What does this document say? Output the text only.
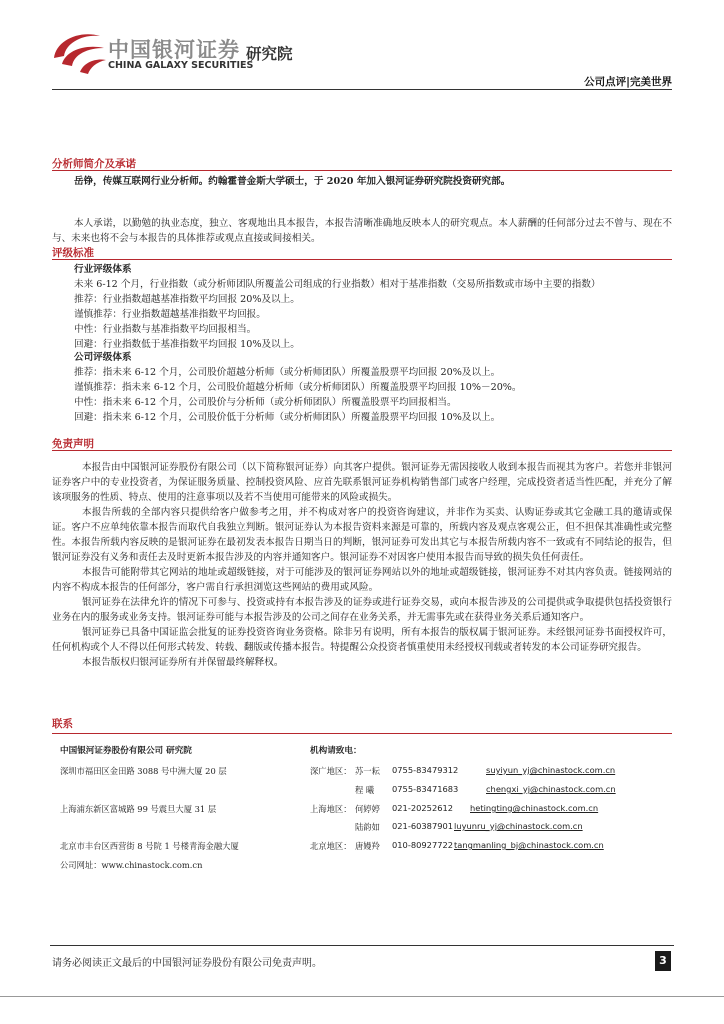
中国银河证券
CHINA GALAXY SECURITIES
研究院
公司点评|完美世界
分析师简介及承诺
岳铮，传媒互联网行业分析师。约翰霍普金斯大学硕士，于 2020 年加入银河证券研究院投资研究部。
本人承诺，以勤勉的执业态度，独立、客观地出具本报告，本报告清晰准确地反映本人的研究观点。本人薪酬的任何部分过去不曾与、现在不与、未来也将不会与本报告的具体推荐或观点直接或间接相关。
评级标准
行业评级体系
未来 6-12 个月，行业指数（或分析师团队所覆盖公司组成的行业指数）相对于基准指数（交易所指数或市场中主要的指数）
推荐：行业指数超越基准指数平均回报 20%及以上。
谨慎推荐：行业指数超越基准指数平均回报。
中性：行业指数与基准指数平均回报相当。
回避：行业指数低于基准指数平均回报 10%及以上。
公司评级体系
推荐：指未来 6-12 个月，公司股价超越分析师（或分析师团队）所覆盖股票平均回报 20%及以上。
谨慎推荐：指未来 6-12 个月，公司股价超越分析师（或分析师团队）所覆盖股票平均回报 10%－20%。
中性：指未来 6-12 个月，公司股价与分析师（或分析师团队）所覆盖股票平均回报相当。
回避：指未来 6-12 个月，公司股价低于分析师（或分析师团队）所覆盖股票平均回报 10%及以上。
免责声明
本报告由中国银河证券股份有限公司（以下简称银河证券）向其客户提供。银河证券无需因接收人收到本报告而视其为客户。若您并非银河证券客户中的专业投资者，为保证服务质量、控制投资风险、应首先联系银河证券机构销售部门或客户经理，完成投资者适当性匹配，并充分了解该项服务的性质、特点、使用的注意事项以及若不当使用可能带来的风险或损失。
本报告所载的全部内容只提供给客户做参考之用，并不构成对客户的投资咨询建议，并非作为买卖、认购证券或其它金融工具的邀请或保证。客户不应单纯依靠本报告而取代自我独立判断。银河证券认为本报告资料来源是可靠的，所载内容及观点客观公正，但不担保其准确性或完整性。本报告所载内容反映的是银河证券在最初发表本报告日期当日的判断，银河证券可发出其它与本报告所载内容不一致或有不同结论的报告，但银河证券没有义务和责任去及时更新本报告涉及的内容并通知客户。银河证券不对因客户使用本报告而导致的损失负任何责任。
本报告可能附带其它网站的地址或超级链接，对于可能涉及的银河证券网站以外的地址或超级链接，银河证券不对其内容负责。链接网站的内容不构成本报告的任何部分，客户需自行承担浏览这些网站的费用或风险。
银河证券在法律允许的情况下可参与、投资或持有本报告涉及的证券或进行证券交易，或向本报告涉及的公司提供或争取提供包括投资银行业务在内的服务或业务支持。银河证券可能与本报告涉及的公司之间存在业务关系，并无需事先或在获得业务关系后通知客户。
银河证券已具备中国证监会批复的证券投资咨询业务资格。除非另有说明，所有本报告的版权属于银河证券。未经银河证券书面授权许可，任何机构或个人不得以任何形式转发、转载、翻版或传播本报告。特提醒公众投资者慎重使用未经授权刊载或者转发的本公司证券研究报告。
本报告版权归银河证券所有并保留最终解释权。
联系
中国银河证券股份有限公司 研究院
深圳市福田区金田路 3088 号中洲大厦 20 层
上海浦东新区富城路 99 号震旦大厦 31 层
北京市丰台区西营街 8 号院 1 号楼青海金融大厦
公司网址：www.chinastock.com.cn
机构请致电：
深广地区： 苏一耘 0755-83479312	suyiyun_yj@chinastock.com.cn
程 曦 0755-83471683	chengxi_yj@chinastock.com.cn
上海地区： 何婷婷 021-20252612 hetingting@chinastock.com.cn
陆韵如 021-60387901 luyunru_yj@chinastock.com.cn
北京地区： 唐嫚羚 010-80927722 tangmanling_bj@chinastock.com.cn
请务必阅读正文最后的中国银河证券股份有限公司免责声明。	3
